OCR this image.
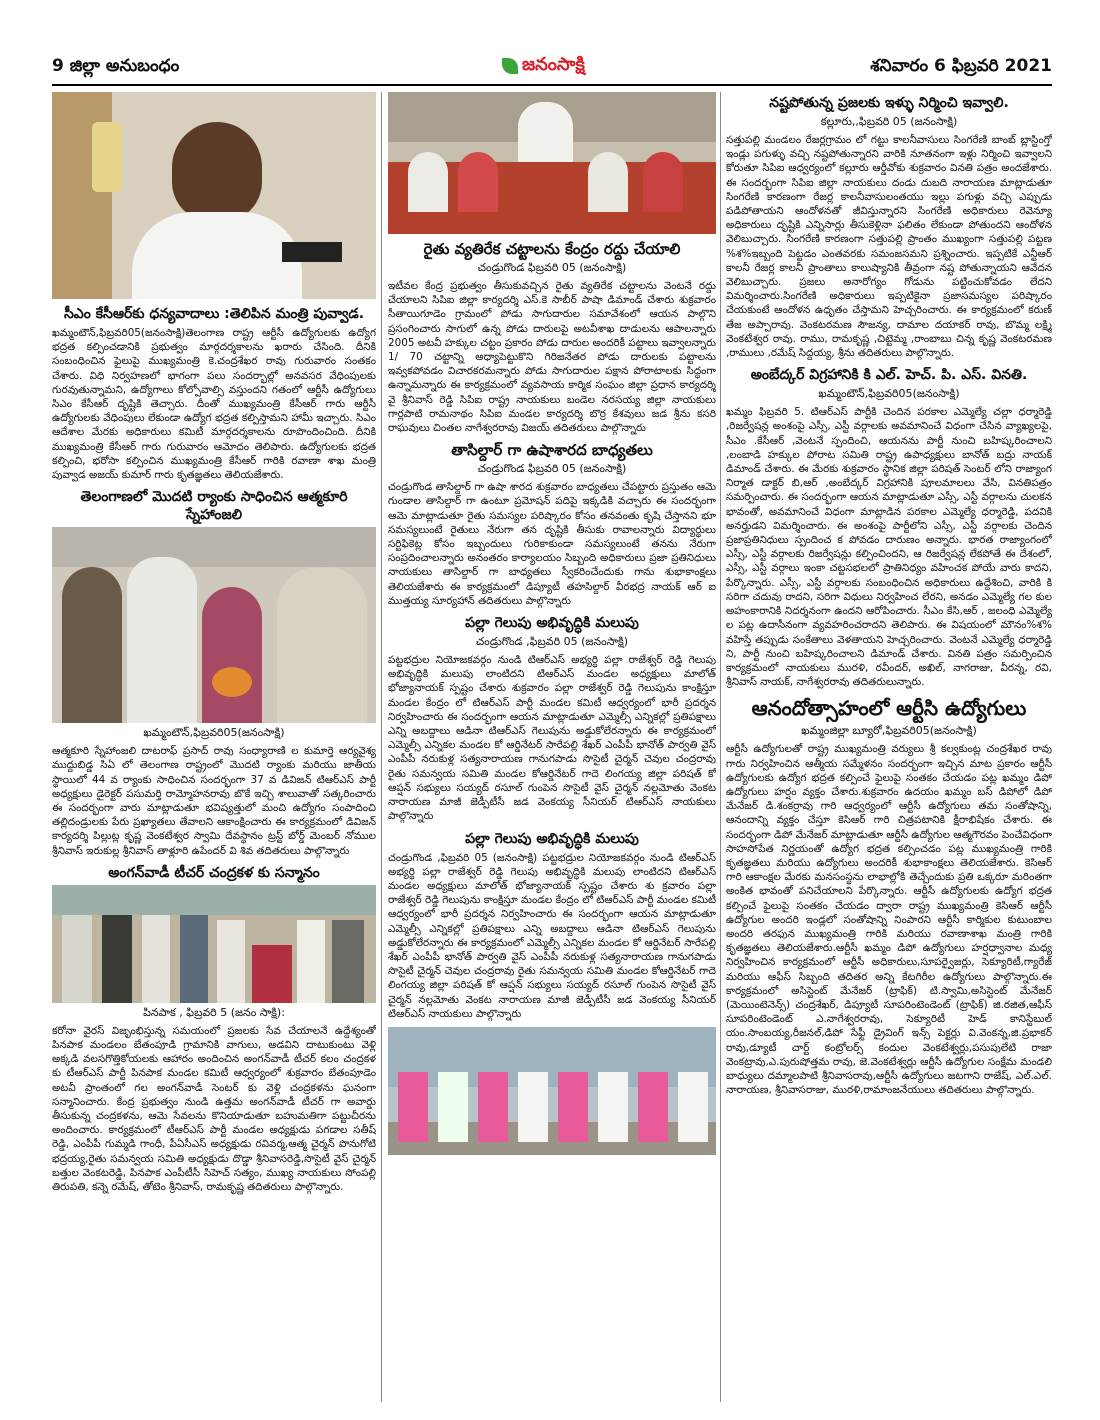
9 జిల్లా అనుబంధం	జనంసాక్షి	శనివారం 6 ఫిబ్రవరి 2021
సీఎం కేసీఆర్‌కు ధన్యవాదాలు :తెలిపిన మంత్రి పువ్వాడ.

ఖమ్మంటౌన్,ఫిబ్రవరి05(జనంసాక్షి)తెలంగాణ రాష్ట్ర ఆర్టీసీ ఉద్యోగులకు ఉద్యోగ భద్రత కల్పించడానికి ప్రభుత్వం మార్గదర్శకాలను ఖరారు చేసింది. దీనికి సంబంధించిన ఫైలుపై ముఖ్యమంత్రి కె.చంద్రశేఖర రావు గురువారం సంతకం చేశారు. విధి నిర్వహణలో భాగంగా పలు సందర్భాల్లో అనవసర వేధింపులకు గురవుతున్నామని, ఉద్యోగాలు కోల్పోవాల్సి వస్తుందని గతంలో ఆర్టీసీ ఉద్యోగులు సిఎం కేసీఆర్ దృష్టికి తెచ్చారు. దీంతో ముఖ్యమంత్రి కేసీఆర్ గారు ఆర్టీసీ ఉద్యోగులకు వేధింపులు లేకుండా ఉద్యోగ భద్రత కల్పిస్తామని హామీ ఇచ్చారు. సిఎం ఆదేశాల మేరకు అధికారులు కమిటీ మార్గదర్శకాలను రూపొందించింది. దీనికి ముఖ్యమంత్రి కేసీఆర్ గారు గురువారం ఆమోదం తెలిపారు. ఉద్యోగులకు భద్రత కల్పించి, భరోసా కల్పించిన ముఖ్యమంత్రి కేసీఆర్ గారికి రవాణా శాఖ మంత్రి పువ్వాడ అజయ్ కుమార్ గారు కృతజ్ఞతలు తెలియజేశారు.

తెలంగాణలో మొదటి ర్యాంకు సాధించిన ఆత్మకూరి స్నేహాంజలి
ఖమ్మంటౌన్,ఫిబ్రవరి05(జనంసాక్షి)

ఆత్మకూరి స్నేహాంజలి దాటరాఫ్ ప్రసాద్ రావు సంధ్యారాణి ల కుమార్తె ఆర్యవైశ్య ముద్దుబిడ్డ సిఏ లో తెలంగాణ రాష్ట్రంలో మొదటి ర్యాంకు మరియు జాతీయ స్థాయిలో 44 వ ర్యాంకు సాధించిన సందర్భంగా 37 వ డివిజన్ టిఆర్ఎస్ పార్టీ అధ్యక్షులు డైరెక్టర్ పసుమర్తి రామ్మోహనరావు బొకే ఇచ్చి శాలువాతో సత్కరించారు ఈ సందర్భంగా వారు మాట్లాడుతూ భవిష్యత్తులో మంచి ఉద్యోగం సంపాదించి తల్లిదండ్రులకు పేరు ప్రఖ్యాతలు తేవాలని ఆకాంక్షించారు ఈ కార్యక్రమంలో డివిజన్ కార్యదర్శి పిల్లుట్ల కృష్ణ వెంకటేశ్వర స్వామి దేవస్థానం ట్రస్ట్ బోర్డ్ మెంబర్ నోముల శ్రీనివాస్ ఇరుకుల్ల శ్రీనివాస్ తాళ్లూరి ఉపేందర్ వి శివ తదితరులు పాల్గొన్నారు

అంగన్‌వాడీ టీచర్ చంద్రకళ కు సన్మానం
పినపాక , ఫిబ్రవరి 5 (జనం సాక్షి):

కరోనా వైరస్ విజృంభిస్తున్న సమయంలో ప్రజలకు సేవ చేయాలనే ఉద్దేశ్యంతో పినపాక మండలం బేతంపూడి గ్రామానికి వాగులు, అడవిని దాటుకుంటు వెళ్లి అక్కడి వలసగొత్తికోయలకు ఆహారం అందించిన అంగన్‌వాడీ టీచర్ కలం చంద్రకళ కు టీఆర్ఎస్ పార్టీ పినపాక మండల కమిటీ ఆధ్వర్యంలో శుక్రవారం బేతంపూడెం అటవీ ప్రాంతంలో గల అంగన్‌వాడీ సెంటర్ కు వెళ్లి చంద్రకళను ఘనంగా సన్మానించారు. కేంద్ర ప్రభుత్వం నుండి ఉత్తమ అంగన్‌వాడీ టీచర్ గా అవార్డు తీసుకున్న చంద్రకళను, ఆమె సేవలను కొనియాడుతూ బహుమతిగా పట్టుచీరను అందించారు. కార్యక్రమంలో టీఆర్ఎస్ పార్టీ మండల అధ్యక్షుడు పగడాల సతీష్ రెడ్డి, ఎంపీపీ గుమ్మడి గాంధీ, పీఏసీఎస్ అధ్యక్షుడు రవివర్మ,ఆత్మ చైర్మన్ పొనుగోటి భద్రయ్య,రైతు సమన్వయ సమితి అధ్యక్షుడు దొడ్డా శ్రీనివాసరెడ్డి,సొసైటీ వైస్ చైర్మన్ బత్తుల వెంకటరెడ్డి, పినపాక ఎంపీటీసీ సిహెచ్ సత్యం, ముఖ్య నాయకులు సోంపల్లి తిరుపతి, కన్నె రమేష్, తోటెం శ్రీనివాస్, రామకృష్ణ తదితరులు పాల్గొన్నారు.

రైతు వ్యతిరేక చట్టాలను కేంద్రం రద్దు చేయాలి
చండ్రుగొండ ఫిబ్రవరి 05 (జనంసాక్షి)

ఇటీవల కేంద్ర ప్రభుత్వం తీసుకువచ్చిన రైతు వ్యతిరేక చట్టాలను వెంటనే రద్దు చేయాలని సిపిఐ జిల్లా కార్యదర్శి ఎస్.కె సాబీర్ పాషా డిమాండ్ చేశారు శుక్రవారం సీతాయిగూడెం గ్రామంలో పోడు సాగుదారుల సమావేశంలో ఆయన పాల్గొని ప్రసంగించారు సాగులో ఉన్న పోడు దారులపై అటవీశాఖ దాడులను ఆపాలన్నారు 2005 అటవీ హక్కుల చట్టం ప్రకారం పోడు దారుల అందరికీ పట్టాలు ఇవ్వాలన్నారు 1/ 70 చట్టాన్ని అధ్యాపెట్టుకొని గిరిజనేతర పోడు దారులకు పట్టాలను ఇవ్వకపోవడం విచారకరమన్నారు పోడు సాగుదారుల పక్షాన పోరాటాలకు సిద్ధంగా ఉన్నామన్నారు ఈ కార్యక్రమంలో వ్యవసాయ కార్మిక సంఘం జిల్లా ప్రధాన కార్యదర్శి వై శ్రీనివాస్ రెడ్డి సిపిఐ రాష్ట్ర నాయకులు బండెల నరసయ్య జిల్లా నాయకులు గార్లపాటి రామనాథం సిపిఐ మండల కార్యదర్శి బొర్ర కేశవులు జడ శ్రీను కసరి రాఘవులు చింతల నాగేశ్వరరావు విజయ్ తదితరులు పాల్గొన్నారు

తాసిల్దార్ గా ఉషాశారద బాధ్యతలు
చండ్రుగొండ ఫిబ్రవరి 05 (జనంసాక్షి)

చండ్రుగొండ తాసిల్దార్ గా ఉషా శారద శుక్రవారం బాధ్యతలు చేపట్టారు ప్రస్తుతం ఆమె గుండాల తాసిల్దార్ గా ఉంటూ ప్రమోషన్ పదిపై ఇక్కడికి వచ్చారు ఈ సందర్భంగా ఆమె మాట్లాడుతూ రైతు సమస్యల పరిష్కారం కోసం తనవంతు కృషి చేస్తానని భూ సమస్యలుంటే రైతులు నేరుగా తన దృష్టికి తీసుకు రావాలన్నారు విద్యార్థులు సర్టిఫికెట్ల కోసం ఇబ్బందులు గురికాకుండా సమస్యలుంటే తనను నేరుగా సంప్రదించాలన్నారు అనంతరం కార్యాలయం సిబ్బంది అధికారులు ప్రజా ప్రతినిధులు నాయకులు తాసిల్దార్ గా బాధ్యతలు స్వీకరించేందుకు గాను శుభాకాంక్షలు తెలియజేశారు ఈ కార్యక్రమంలో డిప్యూటీ తహసిల్దార్ వీరభద్ర నాయక్ ఆర్ ఐ ముత్తయ్య సూర్యహాన్ తదితరులు పాల్గొన్నారు

పల్లా గెలుపు అభివృద్ధికి మలుపు
చండ్రుగొండ ,ఫిబ్రవరి 05 (జనంసాక్షి)

పట్టభద్రుల నియోజకవర్గం నుండి టిఆర్ఎస్ అభ్యర్థి పల్లా రాజేశ్వర్ రెడ్డి గెలుపు అభివృద్ధికి మలుపు లాంటిదని టిఆర్ఎస్ మండల అధ్యక్షులు మాలోత్ భోజ్యానాయక్ స్పష్టం చేశారు శుక్రవారం పల్లా రాజేశ్వర్ రెడ్డి గెలుపును కాంక్షిస్తూ మండల కేంద్రం లో టిఆర్ఎస్ పార్టీ మండల కమిటీ ఆధ్వర్యంలో భారీ ప్రదర్శన నిర్వహించారు ఈ సందర్భంగా ఆయన మాట్లాడుతూ ఎమ్మెల్సీ ఎన్నికల్లో ప్రతిపక్షాలు ఎన్ని అబద్దాలు ఆడినా టిఆర్ఎస్ గెలుపును అడ్డుకోలేరన్నారు ఈ కార్యక్రమంలో ఎమ్మెల్సీ ఎన్నికల మండల కో ఆర్డినేటర్ సారేపల్లి శేఖర్ ఎంపీపీ భానోత్ పార్వతి వైస్ ఎంపీపీ నరుకుళ్ల సత్యనారాయణ గానుగపాడు సొసైటీ చైర్మన్ చెవుల చంద్రరావు రైతు సమన్వయ సమితి మండల కోఆర్డినేటర్ గాదె లింగయ్య జిల్లా పరిషత్ కో ఆప్షన్ సభ్యులు సయ్యద్ రసూల్ గుంపెన సొసైటీ వైస్ చైర్మన్ నల్లమోతు వెంకట నారాయణ మాజీ జెడ్పీటీసీ జడ వెంకయ్య సీనియర్ టిఆర్ఎస్ నాయకులు పాల్గొన్నారు

పల్లా గెలుపు అభివృద్ధికి మలుపు

చండ్రుగొండ ,ఫిబ్రవరి 05 (జనంసాక్షి) పట్టభద్రుల నియోజకవర్గం నుండి టిఆర్ఎస్ అభ్యర్థి పల్లా రాజేశ్వర్ రెడ్డి గెలుపు అభివృద్ధికి మలుపు లాంటిదని టిఆర్ఎస్ మండల అధ్యక్షులు మాలోత్ భోజ్యానాయక్ స్పష్టం చేశారు శు క్రవారం పల్లా రాజేశ్వర్ రెడ్డి గెలుపును కాంక్షిస్తూ మండల కేంద్రం లో టిఆర్ఎస్ పార్టీ మండల కమిటీ ఆధ్వర్యంలో భారీ ప్రదర్శన నిర్వహించారు ఈ సందర్భంగా ఆయన మాట్లాడుతూ ఎమ్మెల్సీ ఎన్నికల్లో ప్రతిపక్షాలు ఎన్ని అబద్దాలు ఆడినా టిఆర్ఎస్ గెలుపును అడ్డుకోలేరన్నారు ఈ కార్యక్రమంలో ఎమ్మెల్సీ ఎన్నికల మండల కో ఆర్డినేటర్ సారేపల్లి శేఖర్ ఎంపీపీ భానోత్ పార్వతి వైస్ ఎంపీపీ నరుకుళ్ల సత్యనారాయణ గానుగపాడు సొసైటీ చైర్మన్ చెవుల చంద్రరావు రైతు సమన్వయ సమితి మండల కోఆర్డినేటర్ గాదె లింగయ్య జిల్లా పరిషత్ కో ఆప్షన్ సభ్యులు సయ్యద్ రసూల్ గుంపెన సొసైటీ వైస్ చైర్మన్ నల్లమోతు వెంకట నారాయణ మాజీ జెడ్పీటీసీ జడ వెంకయ్య సీనియర్ టిఆర్ఎస్ నాయకులు పాల్గొన్నారు

నష్టపోతున్న ప్రజలకు ఇళ్ళు నిర్మించి ఇవ్వాలి.
కల్లూరు,,ఫిబ్రవరి 05 (జనంసాక్షి)

సత్తుపల్లి మండలం రేజర్లగ్రామం లో గట్టు కాలనీవాసులు సింగరేణి బాంబ్ బ్లాస్టింగ్తో ఇండ్లు పగుళ్ళు వచ్చి నష్టపోతున్నారని వారికి నూతనంగా ఇళ్లు నిర్మించి ఇవ్వాలని కోరుతూ సిపిఐ ఆధ్వర్యంలో కల్లూరు ఆర్డీవోకు శుక్రవారం వినతి పత్రం అందజేశారు. ఈ సందర్భంగా సిపిఐ జిల్లా నాయకులు దండు దుబది నారాయణ మాట్లాడుతూ సింగరేణి కారణంగా రేజర్ల కాలనీవాసులంతయు ఇల్లు పగుళ్లు వచ్చి ఎప్పుడు పడిపోతాయని ఆందోళనతో జీవిస్తున్నారని సింగరేణి అధికారులు రెవెన్యూ అధికారులు దృష్టికి ఎన్నిసార్లు తీసుకెళ్లినా ఫలితం లేకుండా పోతుందని ఆందోళన వెలిబుచ్చారు. సింగరేణి కారణంగా సత్తుపల్లి ప్రాంతం ముఖ్యంగా సత్తుపల్లి పట్టణ %శ%ఇబ్బంది పెట్టడం ఎంతవరకు సమంజసమని ప్రశ్నించారు. ఇప్పటికే ఎన్టీఆర్ కాలనీ రేజర్ల కాలనీ ప్రాంతాలు కాలుష్యానికి తీవ్రంగా నష్ట పోతున్నాయని ఆవేదన వెలిబుచ్చారు. ప్రజలు అనారోగ్యం గోడును పట్టించుకోవడం లేదని విమర్శించారు.సింగరేణి అధికారులు ఇప్పటికైనా ప్రజాసమస్యల పరిష్కారం చేయకుంటే ఆందోళన ఉధృతం చేస్తామని హెచ్చరించారు. ఈ కార్యక్రమంలో కరుణ్ తేజ అప్పారావు. వెంకటరమణ సౌజన్య, దామాల దయాకర్ రావు, బొమ్మ లక్ష్మి వెంకటేశ్వర రావు. రాము, రామకృష్ణ ,చిట్టెమ్మ ,రాంబాబు చిన్న కృష్ణ వెంకటరమణ ,రాములు ,రమేష్ సిద్దయ్య, శ్రీను తదితరులు పాల్గొన్నారు.

అంబేద్కర్ విగ్రహానికి కి ఎల్. హెచ్. పి. ఎస్. వినతి.
ఖమ్మంటౌన్,ఫిబ్రవరి05(జనంసాక్షి)

ఖమ్మం ఫిబ్రవరి 5. టిఆర్ఎస్ పార్టీకి చెందిన పరకాల ఎమ్మెల్యే చల్లా ధర్మారెడ్డి ,రిజర్వేషన్ల అంశంపై ఎస్సీ, ఎస్టీ వర్గాలకు అవమానించే విధంగా చేసిన వ్యాఖ్యలపై, సీఎం .కేసీఆర్ ,వెంటనే స్పందించి, ఆయనను పార్టీ నుంచి బహిష్కరించాలని ,లంబాడి హక్కుల పోరాట సమితి రాష్ట్ర ఉపాధ్యక్షులు బానోత్ బద్రు నాయక్ డిమాండ్ చేశారు. ఈ మేరకు శుక్రవారం స్థానిక జిల్లా పరిషత్ సెంటర్ లోని రాజ్యాంగ నిర్మాత డాక్టర్ బి,ఆర్ ,అంబేద్కర్ విగ్రహానికి పూలమాలలు వేసి, వినతిపత్రం సమర్పించారు. ఈ సందర్భంగా ఆయన మాట్లాడుతూ ఎస్సీ, ఎస్టీ వర్గాలను చులకన భావంతో, అవమానించే విధంగా మాట్లాడిన పరకాల ఎమ్మెల్యే ధర్మారెడ్డి, పదవికి అనర్హుడని విమర్శించారు. ఈ అంశంపై పార్టీలోని ఎస్సీ, ఎస్టీ వర్గాలకు చెందిన ప్రజాప్రతినిధులు స్పందించ క పోవడం దారుణం అన్నారు. భారత రాజ్యాంగంలో ఎస్సీ, ఎస్టీ వర్గాలకు రిజర్వేషన్లు కల్పించిందని, ఆ రిజర్వేషన్ల లేకపోతే ఈ దేశంలో, ఎస్సీ, ఎస్టీ వర్గాలు ఇంకా చట్టసభలలో ప్రాతినిధ్యం వహించక పోయే వారు కాదని, పేర్కొన్నారు. ఎస్సీ, ఎస్టీ వర్గాలకు సంబంధించిన అధికారులు ఉద్దేశించి, వారికి కి సరిగా చదువు రాదని, సరిగా విధులు నిర్వహించ లేరని, అనడం ఎమ్మెల్యే గల కుల అహంకారానికి నిదర్శనంగా ఉందని ఆరోపించారు. సీఎం కేసి,ఆర్ , జలంధి ఎమ్మెల్యే ల పట్ల ఉదాసీనంగా వ్యవహరించరాదని తెలిపారు. ఈ విషయంలో మౌనం%శ% వహిస్తే తప్పుడు సంకేతాలు వెళతాయని హెచ్చరించారు. వెంటనే ఎమ్మెల్యే ధర్మారెడ్డి ని, పార్టీ నుంచి బహిష్కరించాలని డిమాండ్ చేశారు. వినతి పత్రం సమర్పించిన కార్యక్రమంలో నాయకులు మురళి, రవీందర్, అఖిల్, నాగరాజు, వీరన్న, రవి, శ్రీనివాస్ నాయక్, నాగేశ్వరరావు తదితరులున్నారు.

ఆనందోత్సాహంలో ఆర్టీసి ఉద్యోగులు
ఖమ్మంజిల్లా బ్యూరో,ఫిబ్రవరి05(జనంసాక్షి)

ఆర్టీసీ ఉద్యోగులతో రాష్ట్ర ముఖ్యమంత్రి వర్యులు శ్రీ కల్వకుంట్ల చంద్రశేఖర రావు గారు నిర్వహించిన ఆత్మీయ సమ్మేళనం సందర్భంగా ఇచ్చిన మాట ప్రకారం ఆర్టీసీ ఉద్యోగులకు ఉద్యోగ భద్రత కల్పించే ఫైలుపై సంతకం చేయడం పట్ల ఖమ్మం డిపో ఉద్యోగులు హర్షం వ్యక్తం చేశారు.శుక్రవారం ఉదయం ఖమ్మం బస్ డిపోలో డిపో మేనేజర్ డి.శంకర్రావు గారి ఆధ్వర్యంలో ఆర్టీసీ ఉద్యోగులు తమ సంతోషాన్ని, ఆనందాన్ని వ్యక్తం చేస్తూ కెసిఆర్ గారి చిత్రపటానికి క్షీరాభిషేకం చేశారు. ఈ సందర్భంగా డిపో మేనేజర్ మాట్లాడుతూ ఆర్టీసీ ఉద్యోగుల ఆత్మగౌరవం పెంచేవిధంగా సాహసోపేత నిర్ణయంతో ఉద్యోగ భద్రత కల్పించడం పట్ల ముఖ్యమంత్రి గారికి కృతజ్ఞతలు మరియు ఉద్యోగులు అందరికీ శుభాకాంక్షలు తెలియజేశారు. కెసిఆర్ గారి ఆకాంక్షల మేరకు మనసంస్థను లాభాల్లోకి తెచ్చేందుకు ప్రతి ఒక్కరూ మరింతగా అంకిత భావంతో పనిచేయాలని పేర్కొన్నారు. ఆర్టీసీ ఉద్యోగులకు ఉద్యోగ భద్రత కల్పించే ఫైలుపై సంతకం చేయడం ద్వారా రాష్ట్ర ముఖ్యమంత్రి కెసిఆర్ ఆర్టీసీ ఉద్యోగుల అందరి ఇండ్లలో సంతోషాన్ని నింపారని ఆర్టీసీ కార్మికుల కుటుంబాల అందరి తరఫున ముఖ్యమంత్రి గారికి మరియు రవాణాశాఖ మంత్రి గారికి కృతజ్ఞతలు తెలియజేశారు.ఆర్టీసీ ఖమ్మం డిపో ఉద్యోగులు హర్షధ్వానాల మధ్య నిర్వహించిన కార్యక్రమంలో ఆర్టీసీ అధికారులు,సూపర్వైజర్లు, సెక్యూరిటీ,గ్యారేజ్ మరియు ఆఫీస్ సిబ్బంది తదితర అన్ని కేటగిరీల ఉద్యోగులు పాల్గొన్నారు.ఈ కార్యక్రమంలో అసిస్టెంట్ మేనేజర్ (ట్రాఫిక్) టి.స్వామి,అసిస్టెంట్ మేనేజర్ (మెయింటెనెన్స్) చంద్రశేఖర్, డిప్యూటీ సూపరింటెండెంట్ (ట్రాఫిక్) జి.రజిత,ఆఫీస్ సూపరింటెండెంట్ ఎ.నాగేశ్వరరావు, సెక్యూరిటీ హెడ్ కానిస్టేబుల్ యం.సాంబయ్య,రీజనల్,డిపో సేఫ్టీ డ్రైవింగ్ ఇన్స్ పెక్టర్లు వి.వెంకన్న,జి.ప్రభాకర్ రావు,డ్యూటీ చార్ట్ కంట్రోలర్స్ కందుల వెంకటేశ్వర్లు,పసుపులేటి రాజా వెంకట్రావు,ఎ.పురుషోత్తమ రావు, జె.వెంకటేశ్వర్లు ఆర్టీసీ ఉద్యోగుల సంక్షేమ మండలి బాధ్యులు దమ్మాలపాటి శ్రీనివాసరావు,ఆర్టీసీ ఉద్యోగులు జటగాని రాజేష్, ఎల్.ఎల్. నారాయణ, శ్రీనివాసరాజు, మురళి,రామాంజనేయులు తదితరులు పాల్గొన్నారు.
